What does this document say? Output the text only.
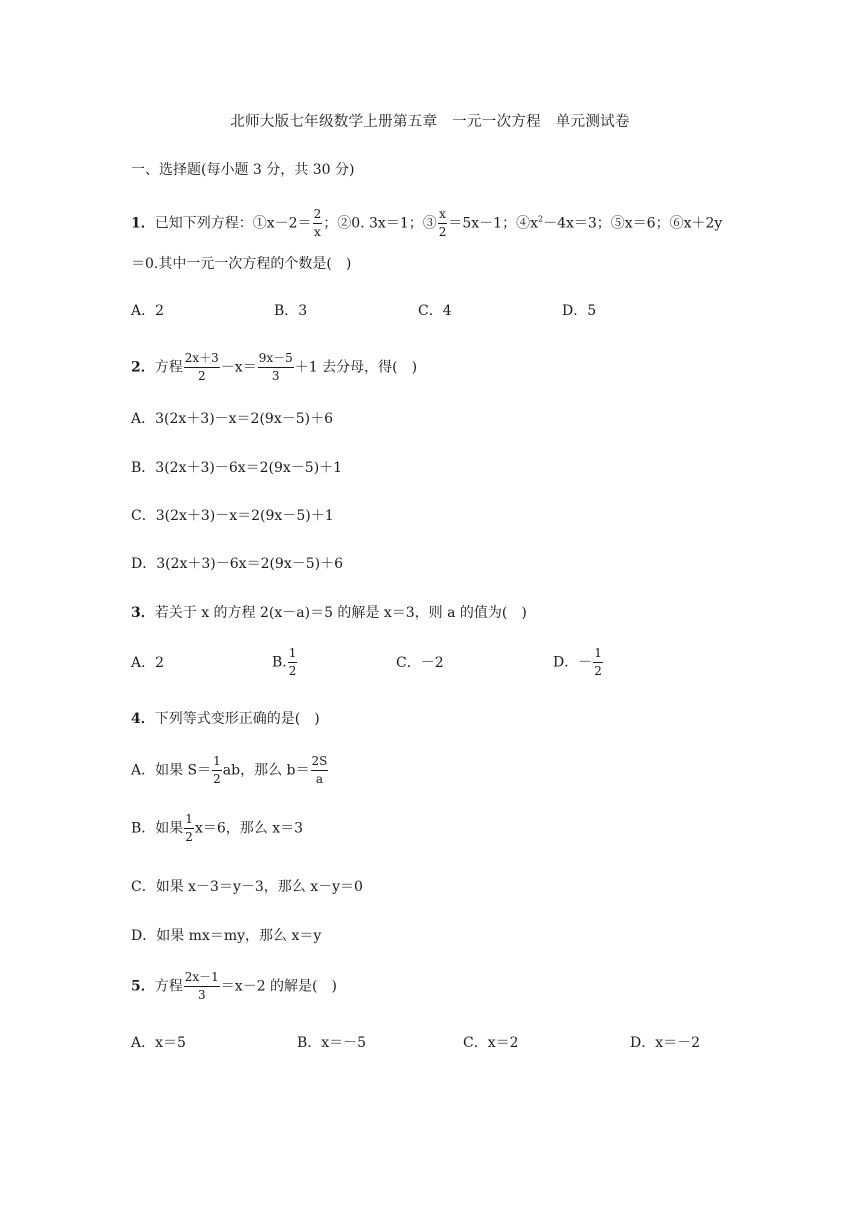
北师大版七年级数学上册第五章　一元一次方程　单元测试卷
一、选择题(每小题 3 分，共 30 分)
1．已知下列方程：①x－2＝ $\frac{2}{x}$ ；②0. 3x＝1；③ $\frac{x}{2} =5x-1$；$④x^2-4x=3$；⑤x＝6；⑥x＋2y
＝0.其中一元一次方程的个数是(　)
A．2	B．3	C．4	D．5
2．方程 $\frac{2x+3}{2} -x= \frac{9x-5}{3} +1$ 去分母，得(　)
A．3(2x＋3)－x＝2(9x－5)＋6
B．3(2x＋3)－6x＝2(9x－5)＋1
C．3(2x＋3)－x＝2(9x－5)＋1
D．3(2x＋3)－6x＝2(9x－5)＋6
3．若关于 x 的方程 2(x－a)＝5 的解是 x＝3，则 a 的值为(　)
A．2	B. $\frac{1}{2}$	C．－2	D．－ $\frac{1}{2}$
4．下列等式变形正确的是(　)
A．如果 $S= \frac{1}{2}$ ab，那么 $b= \frac{2S}{a}$
B．如果 $\frac{1}{2} x=6$，那么 x＝3
C．如果 x－3＝y－3，那么 x－y＝0
D．如果 mx＝my，那么 x＝y
5．方程 $\frac{2x-1}{3} =x-2$ 的解是(　)
A．x＝5	B．x＝－5	C．x＝2	D．x＝－2
